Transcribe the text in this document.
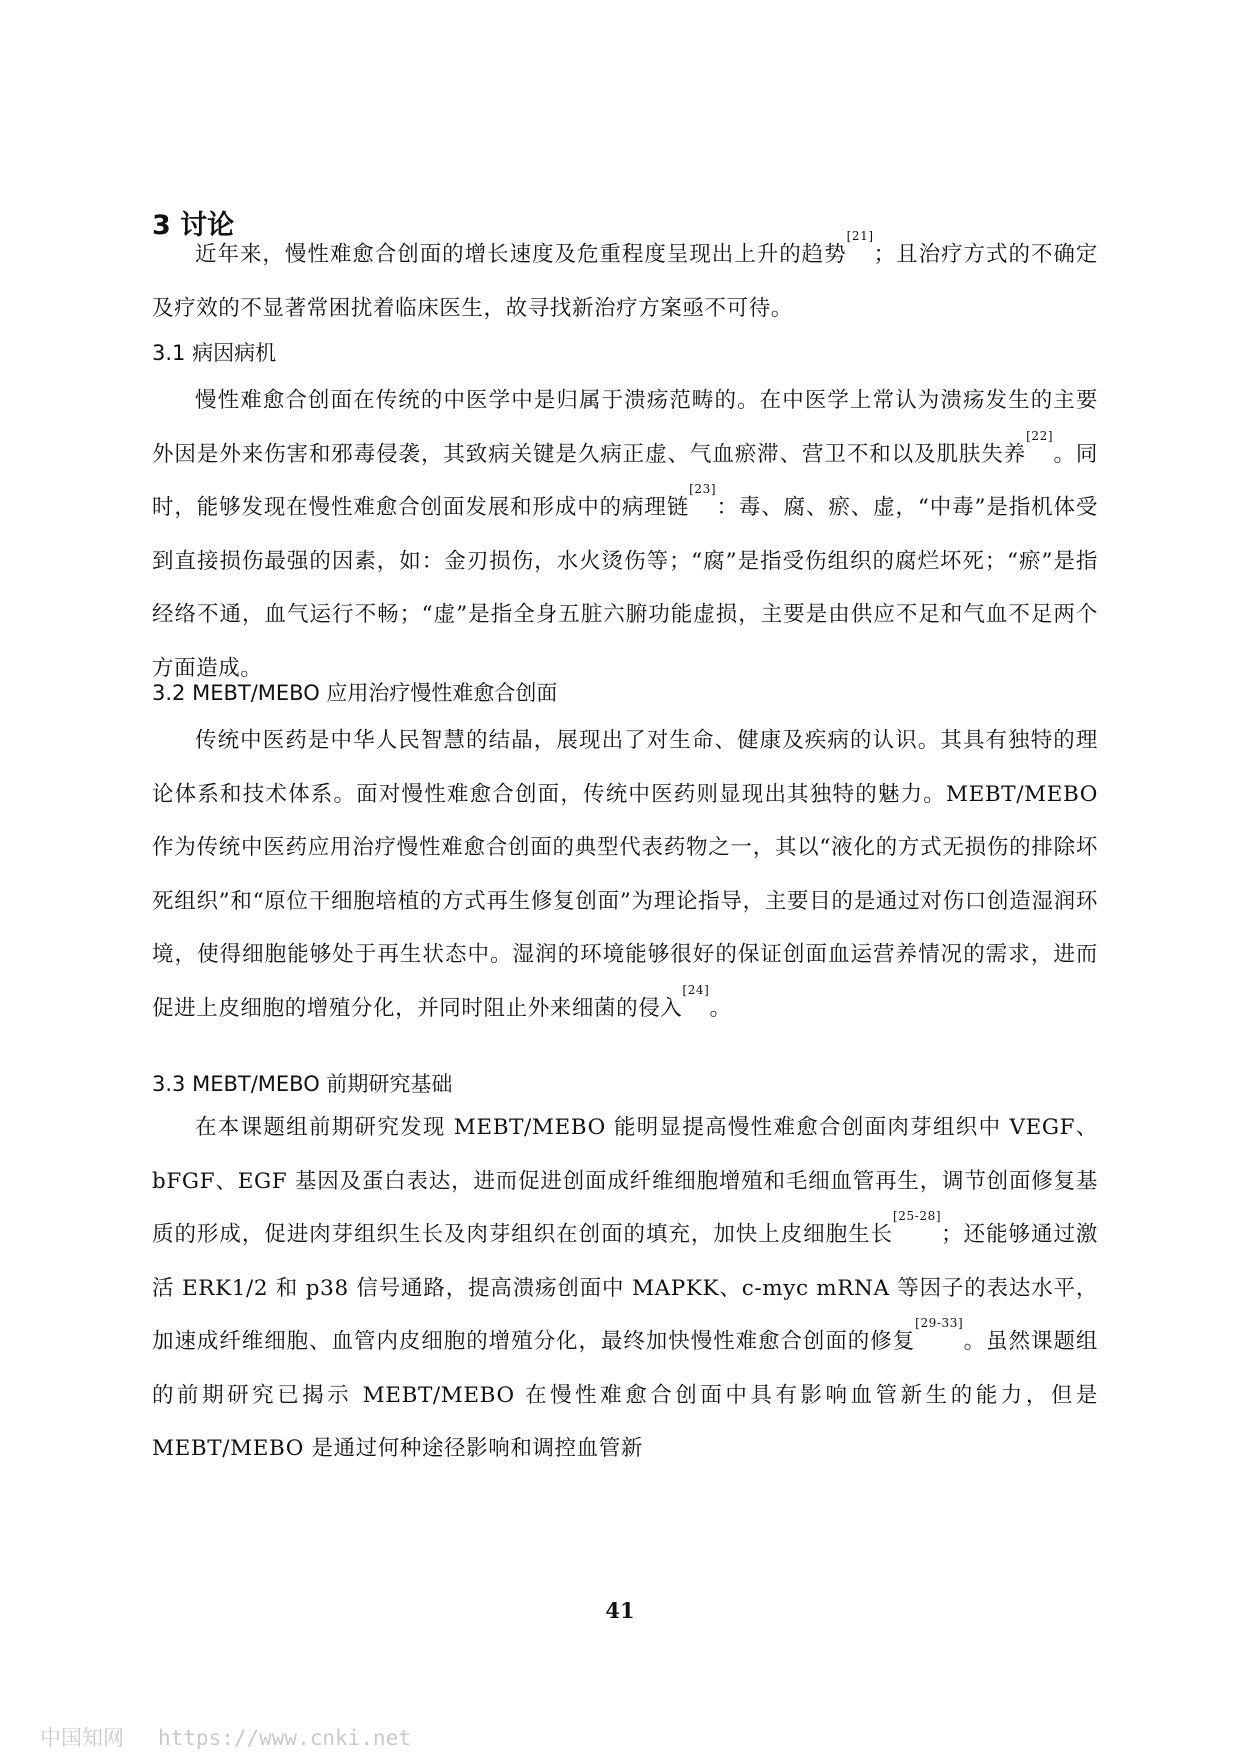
3 讨论

近年来，慢性难愈合创面的增长速度及危重程度呈现出上升的趋势[21]；且治疗方式的不确定及疗效的不显著常困扰着临床医生，故寻找新治疗方案亟不可待。

3.1 病因病机

慢性难愈合创面在传统的中医学中是归属于溃疡范畴的。在中医学上常认为溃疡发生的主要外因是外来伤害和邪毒侵袭，其致病关键是久病正虚、气血瘀滞、营卫不和以及肌肤失养[22]。同时，能够发现在慢性难愈合创面发展和形成中的病理链[23]：毒、腐、瘀、虚，“中毒”是指机体受到直接损伤最强的因素，如：金刃损伤，水火烫伤等；“腐”是指受伤组织的腐烂坏死；“瘀”是指经络不通，血气运行不畅；“虚”是指全身五脏六腑功能虚损，主要是由供应不足和气血不足两个方面造成。

3.2 MEBT/MEBO 应用治疗慢性难愈合创面

传统中医药是中华人民智慧的结晶，展现出了对生命、健康及疾病的认识。其具有独特的理论体系和技术体系。面对慢性难愈合创面，传统中医药则显现出其独特的魅力。MEBT/MEBO 作为传统中医药应用治疗慢性难愈合创面的典型代表药物之一，其以“液化的方式无损伤的排除坏死组织”和“原位干细胞培植的方式再生修复创面”为理论指导，主要目的是通过对伤口创造湿润环境，使得细胞能够处于再生状态中。湿润的环境能够很好的保证创面血运营养情况的需求，进而促进上皮细胞的增殖分化，并同时阻止外来细菌的侵入[24]。

3.3 MEBT/MEBO 前期研究基础

在本课题组前期研究发现 MEBT/MEBO 能明显提高慢性难愈合创面肉芽组织中 VEGF、bFGF、EGF 基因及蛋白表达，进而促进创面成纤维细胞增殖和毛细血管再生，调节创面修复基质的形成，促进肉芽组织生长及肉芽组织在创面的填充，加快上皮细胞生长[25-28]；还能够通过激活 ERK1/2 和 p38 信号通路，提高溃疡创面中 MAPKK、c-myc mRNA 等因子的表达水平，加速成纤维细胞、血管内皮细胞的增殖分化，最终加快慢性难愈合创面的修复[29-33]。虽然课题组的前期研究已揭示 MEBT/MEBO 在慢性难愈合创面中具有影响血管新生的能力，但是 MEBT/MEBO 是通过何种途径影响和调控血管新

41

中国知网 https://www.cnki.net
